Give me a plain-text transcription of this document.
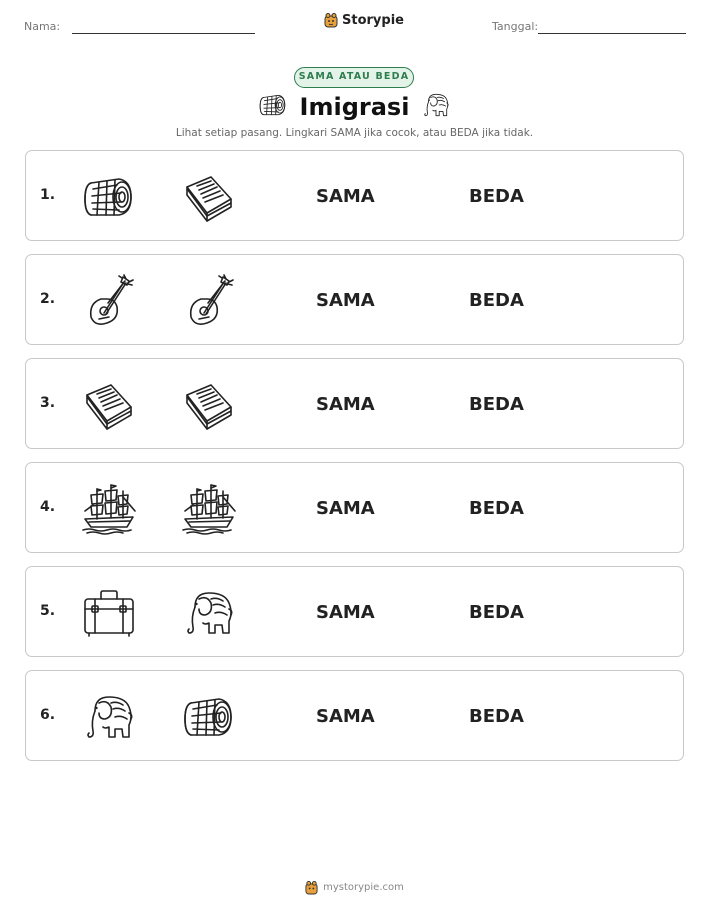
Nama:	Storypie	Tanggal:
SAMA ATAU BEDA
Imigrasi
Lihat setiap pasang. Lingkari SAMA jika cocok, atau BEDA jika tidak.
1.	SAMA	BEDA
2.	SAMA	BEDA
3.	SAMA	BEDA
4.	SAMA	BEDA
5.	SAMA	BEDA
6.	SAMA	BEDA
mystorypie.com
